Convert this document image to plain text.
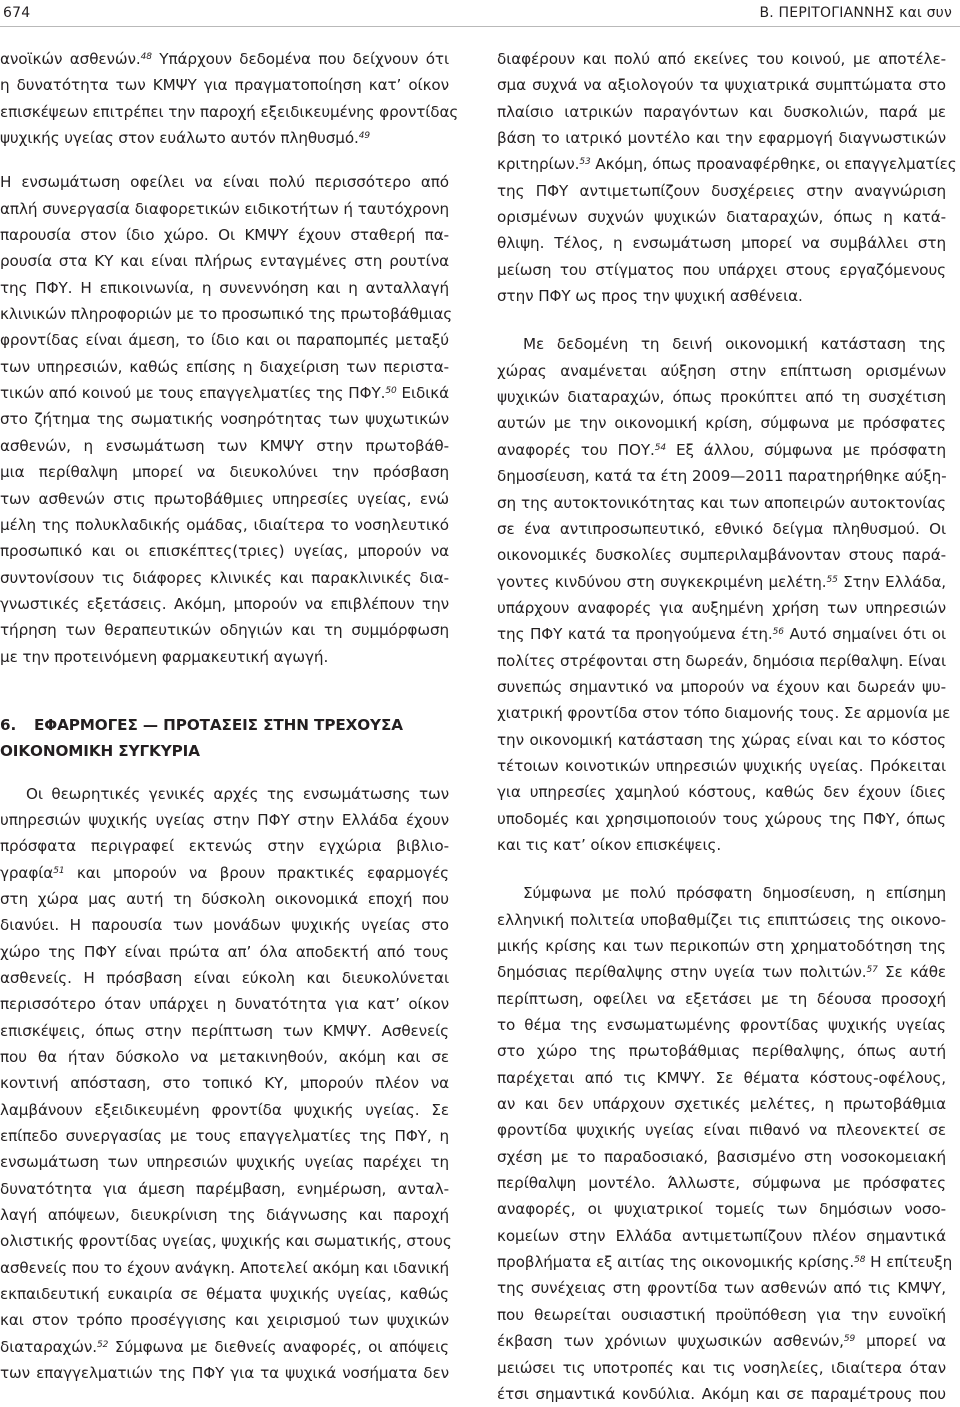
674	Β. ΠΕΡΙΤΟΓΙΑΝΝΗΣ και συν
ανοϊκών ασθενών.$^{48}$ Υπάρχουν δεδομένα που δείχνουν ότι
η δυνατότητα των ΚΜΨΥ για πραγματοποίηση κατ’ οίκον
επισκέψεων επιτρέπει την παροχή εξειδικευμένης φροντίδας
ψυχικής υγείας στον ευάλωτο αυτόν πληθυσμό.$^{49}$
Η ενσωμάτωση οφείλει να είναι πολύ περισσότερο από
απλή συνεργασία διαφορετικών ειδικοτήτων ή ταυτόχρονη
παρουσία στον ίδιο χώρο. Οι ΚΜΨΥ έχουν σταθερή πα-
ρουσία στα ΚΥ και είναι πλήρως ενταγμένες στη ρουτίνα
της ΠΦΥ. Η επικοινωνία, η συνεννόηση και η ανταλλαγή
κλινικών πληροφοριών με το προσωπικό της πρωτοβάθμιας
φροντίδας είναι άμεση, το ίδιο και οι παραπομπές μεταξύ
των υπηρεσιών, καθώς επίσης η διαχείριση των περιστα-
τικών από κοινού με τους επαγγελματίες της ΠΦΥ.$^{50}$ Ειδικά
στο ζήτημα της σωματικής νοσηρότητας των ψυχωτικών
ασθενών, η ενσωμάτωση των ΚΜΨΥ στην πρωτοβάθ-
μια περίθαλψη μπορεί να διευκολύνει την πρόσβαση
των ασθενών στις πρωτοβάθμιες υπηρεσίες υγείας, ενώ
μέλη της πολυκλαδικής ομάδας, ιδιαίτερα το νοσηλευτικό
προσωπικό και οι επισκέπτες(τριες) υγείας, μπορούν να
συντονίσουν τις διάφορες κλινικές και παρακλινικές δια-
γνωστικές εξετάσεις. Ακόμη, μπορούν να επιβλέπουν την
τήρηση των θεραπευτικών οδηγιών και τη συμμόρφωση
με την προτεινόμενη φαρμακευτική αγωγή.
6. ΕΦΑΡΜΟΓΕΣ — ΠΡΟΤΑΣΕΙΣ ΣΤΗΝ ΤΡΕΧΟΥΣΑ
ΟΙΚΟΝΟΜΙΚΗ ΣΥΓΚΥΡΙΑ
Οι θεωρητικές γενικές αρχές της ενσωμάτωσης των
υπηρεσιών ψυχικής υγείας στην ΠΦΥ στην Ελλάδα έχουν
πρόσφατα περιγραφεί εκτενώς στην εγχώρια βιβλιο-
γραφία$^{51}$ και μπορούν να βρουν πρακτικές εφαρμογές
στη χώρα μας αυτή τη δύσκολη οικονομικά εποχή που
διανύει. Η παρουσία των μονάδων ψυχικής υγείας στο
χώρο της ΠΦΥ είναι πρώτα απ’ όλα αποδεκτή από τους
ασθενείς. Η πρόσβαση είναι εύκολη και διευκολύνεται
περισσότερο όταν υπάρχει η δυνατότητα για κατ’ οίκον
επισκέψεις, όπως στην περίπτωση των ΚΜΨΥ. Ασθενείς
που θα ήταν δύσκολο να μετακινηθούν, ακόμη και σε
κοντινή απόσταση, στο τοπικό ΚΥ, μπορούν πλέον να
λαμβάνουν εξειδικευμένη φροντίδα ψυχικής υγείας. Σε
επίπεδο συνεργασίας με τους επαγγελματίες της ΠΦΥ, η
ενσωμάτωση των υπηρεσιών ψυχικής υγείας παρέχει τη
δυνατότητα για άμεση παρέμβαση, ενημέρωση, ανταλ-
λαγή απόψεων, διευκρίνιση της διάγνωσης και παροχή
ολιστικής φροντίδας υγείας, ψυχικής και σωματικής, στους
ασθενείς που το έχουν ανάγκη. Αποτελεί ακόμη και ιδανική
εκπαιδευτική ευκαιρία σε θέματα ψυχικής υγείας, καθώς
και στον τρόπο προσέγγισης και χειρισμού των ψυχικών
διαταραχών.$^{52}$ Σύμφωνα με διεθνείς αναφορές, οι απόψεις
των επαγγελματιών της ΠΦΥ για τα ψυχικά νοσήματα δεν
διαφέρουν και πολύ από εκείνες του κοινού, με αποτέλε-
σμα συχνά να αξιολογούν τα ψυχιατρικά συμπτώματα στο
πλαίσιο ιατρικών παραγόντων και δυσκολιών, παρά με
βάση το ιατρικό μοντέλο και την εφαρμογή διαγνωστικών
κριτηρίων.$^{53}$ Ακόμη, όπως προαναφέρθηκε, οι επαγγελματίες
της ΠΦΥ αντιμετωπίζουν δυσχέρειες στην αναγνώριση
ορισμένων συχνών ψυχικών διαταραχών, όπως η κατά-
θλιψη. Τέλος, η ενσωμάτωση μπορεί να συμβάλλει στη
μείωση του στίγματος που υπάρχει στους εργαζόμενους
στην ΠΦΥ ως προς την ψυχική ασθένεια.
Με δεδομένη τη δεινή οικονομική κατάσταση της
χώρας αναμένεται αύξηση στην επίπτωση ορισμένων
ψυχικών διαταραχών, όπως προκύπτει από τη συσχέτιση
αυτών με την οικονομική κρίση, σύμφωνα με πρόσφατες
αναφορές του ΠΟΥ.$^{54}$ Εξ άλλου, σύμφωνα με πρόσφατη
δημοσίευση, κατά τα έτη 2009—2011 παρατηρήθηκε αύξη-
ση της αυτοκτονικότητας και των αποπειρών αυτοκτονίας
σε ένα αντιπροσωπευτικό, εθνικό δείγμα πληθυσμού. Οι
οικονομικές δυσκολίες συμπεριλαμβάνονταν στους παρά-
γοντες κινδύνου στη συγκεκριμένη μελέτη.$^{55}$ Στην Ελλάδα,
υπάρχουν αναφορές για αυξημένη χρήση των υπηρεσιών
της ΠΦΥ κατά τα προηγούμενα έτη.$^{56}$ Αυτό σημαίνει ότι οι
πολίτες στρέφονται στη δωρεάν, δημόσια περίθαλψη. Είναι
συνεπώς σημαντικό να μπορούν να έχουν και δωρεάν ψυ-
χιατρική φροντίδα στον τόπο διαμονής τους. Σε αρμονία με
την οικονομική κατάσταση της χώρας είναι και το κόστος
τέτοιων κοινοτικών υπηρεσιών ψυχικής υγείας. Πρόκειται
για υπηρεσίες χαμηλού κόστους, καθώς δεν έχουν ίδιες
υποδομές και χρησιμοποιούν τους χώρους της ΠΦΥ, όπως
και τις κατ’ οίκον επισκέψεις.
Σύμφωνα με πολύ πρόσφατη δημοσίευση, η επίσημη
ελληνική πολιτεία υποβαθμίζει τις επιπτώσεις της οικονο-
μικής κρίσης και των περικοπών στη χρηματοδότηση της
δημόσιας περίθαλψης στην υγεία των πολιτών.$^{57}$ Σε κάθε
περίπτωση, οφείλει να εξετάσει με τη δέουσα προσοχή
το θέμα της ενσωματωμένης φροντίδας ψυχικής υγείας
στο χώρο της πρωτοβάθμιας περίθαλψης, όπως αυτή
παρέχεται από τις ΚΜΨΥ. Σε θέματα κόστους-οφέλους,
αν και δεν υπάρχουν σχετικές μελέτες, η πρωτοβάθμια
φροντίδα ψυχικής υγείας είναι πιθανό να πλεονεκτεί σε
σχέση με το παραδοσιακό, βασισμένο στη νοσοκομειακή
περίθαλψη μοντέλο. Άλλωστε, σύμφωνα με πρόσφατες
αναφορές, οι ψυχιατρικοί τομείς των δημόσιων νοσο-
κομείων στην Ελλάδα αντιμετωπίζουν πλέον σημαντικά
προβλήματα εξ αιτίας της οικονομικής κρίσης.$^{58}$ Η επίτευξη
της συνέχειας στη φροντίδα των ασθενών από τις ΚΜΨΥ,
που θεωρείται ουσιαστική προϋπόθεση για την ευνοϊκή
έκβαση των χρόνιων ψυχωσικών ασθενών,$^{59}$ μπορεί να
μειώσει τις υποτροπές και τις νοσηλείες, ιδιαίτερα όταν
έτσι σημαντικά κονδύλια. Ακόμη και σε παραμέτρους που
